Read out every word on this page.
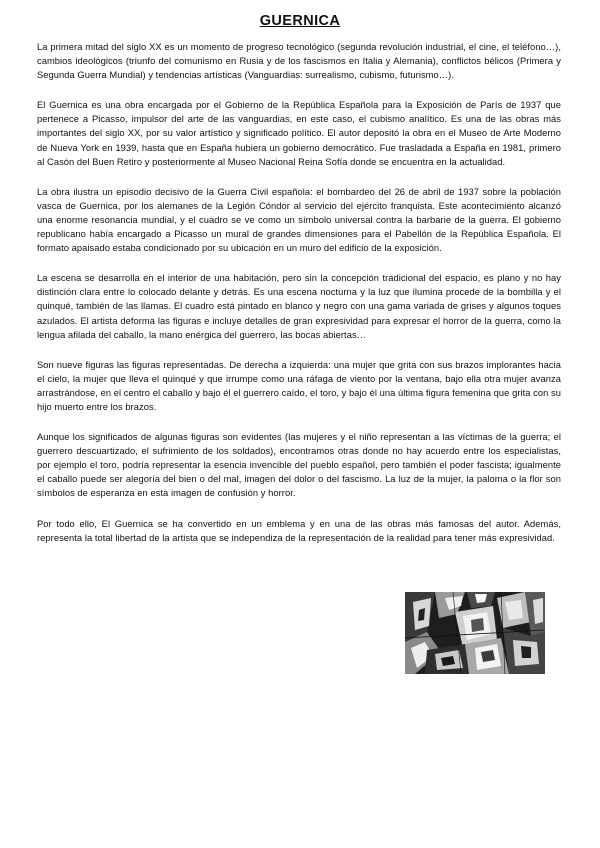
GUERNICA

La primera mitad del siglo XX es un momento de progreso tecnológico (segunda revolución industrial, el cine, el teléfono…), cambios ideológicos (triunfo del comunismo en Rusia y de los fascismos en Italia y Alemania), conflictos bélicos (Primera y Segunda Guerra Mundial) y tendencias artísticas (Vanguardias: surrealismo, cubismo, futurismo…).

El Guernica es una obra encargada por el Gobierno de la República Española para la Exposición de París de 1937 que pertenece a Picasso, impulsor del arte de las vanguardias, en este caso, el cubismo analítico. Es una de las obras más importantes del siglo XX, por su valor artístico y significado político. El autor depositó la obra en el Museo de Arte Moderno de Nueva York en 1939, hasta que en España hubiera un gobierno democrático. Fue trasladada a España en 1981, primero al Casón del Buen Retiro y posteriormente al Museo Nacional Reina Sofía donde se encuentra en la actualidad.

La obra ilustra un episodio decisivo de la Guerra Civil española: el bombardeo del 26 de abril de 1937 sobre la población vasca de Guernica, por los alemanes de la Legión Cóndor al servicio del ejército franquista. Este acontecimiento alcanzó una enorme resonancia mundial, y el cuadro se ve como un símbolo universal contra la barbarie de la guerra. El gobierno republicano había encargado a Picasso un mural de grandes dimensiones para el Pabellón de la República Española. El formato apaisado estaba condicionado por su ubicación en un muro del edificio de la exposición.

La escena se desarrolla en el interior de una habitación, pero sin la concepción tradicional del espacio, es plano y no hay distinción clara entre lo colocado delante y detrás. Es una escena nocturna y la luz que ilumina procede de la bombilla y el quinqué, también de las llamas. El cuadro está pintado en blanco y negro con una gama variada de grises y algunos toques azulados. El artista deforma las figuras e incluye detalles de gran expresividad para expresar el horror de la guerra, como la lengua afilada del caballo, la mano enérgica del guerrero, las bocas abiertas…

Son nueve figuras las figuras representadas. De derecha a izquierda: una mujer que grita con sus brazos implorantes hacia el cielo, la mujer que lleva el quinqué y que irrumpe como una ráfaga de viento por la ventana, bajo ella otra mujer avanza arrastrándose, en el centro el caballo y bajo él el guerrero caído, el toro, y bajo él una última figura femenina que grita con su hijo muerto entre los brazos.

Aunque los significados de algunas figuras son evidentes (las mujeres y el niño representan a las víctimas de la guerra; el guerrero descuartizado, el sufrimiento de los soldados), encontramos otras donde no hay acuerdo entre los especialistas, por ejemplo el toro, podría representar la esencia invencible del pueblo español, pero también el poder fascista; igualmente el caballo puede ser alegoría del bien o del mal, imagen del dolor o del fascismo. La luz de la mujer, la paloma o la flor son símbolos de esperanza en esta imagen de confusión y horror.

Por todo ello, El Guernica se ha convertido en un emblema y en una de las obras más famosas del autor. Además, representa la total libertad de la artista que se independiza de la representación de la realidad para tener más expresividad.
